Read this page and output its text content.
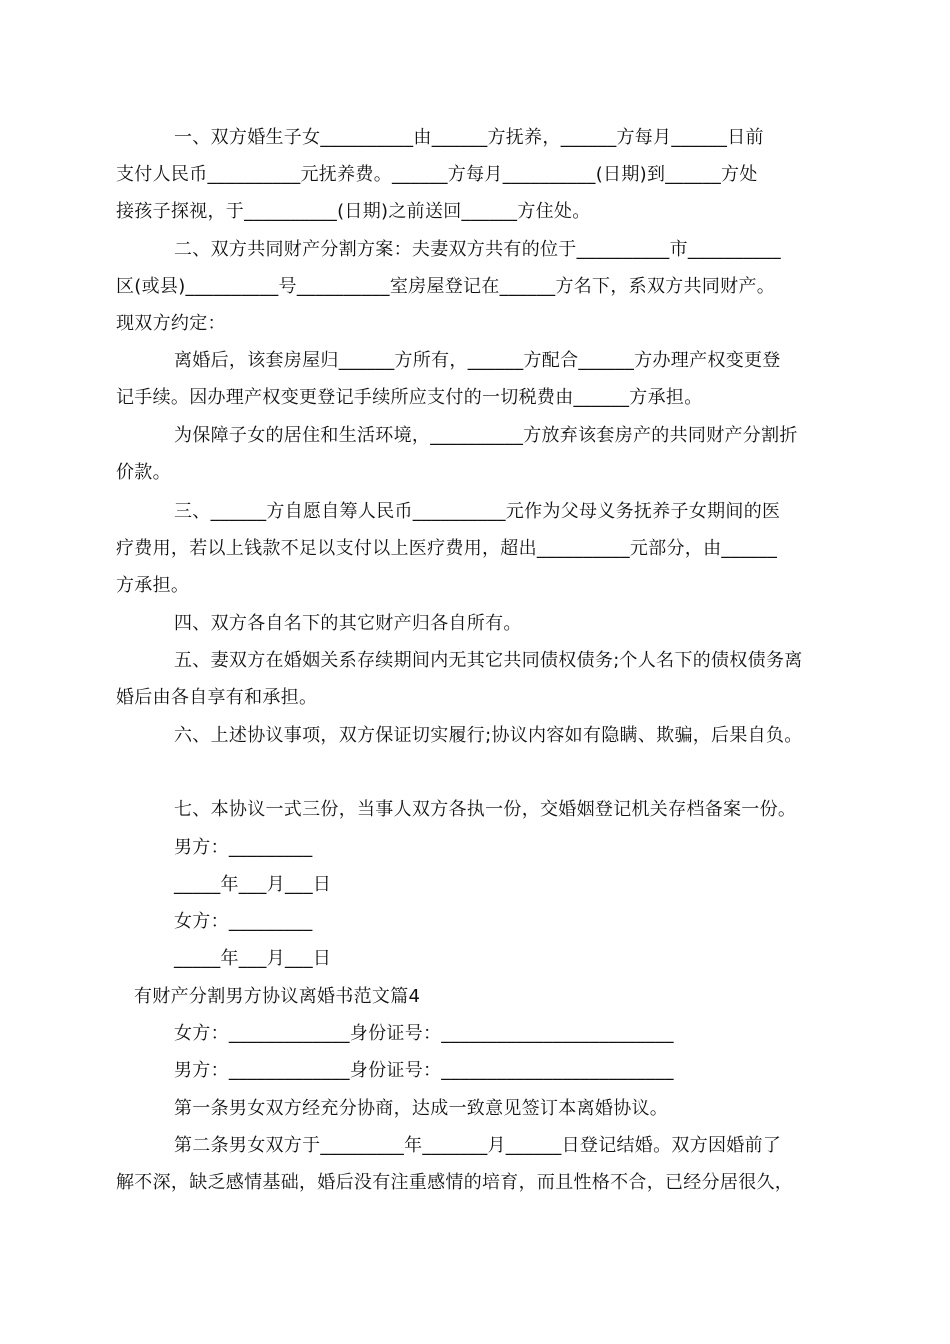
一、双方婚生子女__________由______方抚养，______方每月______日前
支付人民币__________元抚养费。______方每月__________(日期)到______方处
接孩子探视，于__________(日期)之前送回______方住处。
二、双方共同财产分割方案：夫妻双方共有的位于__________市__________
区(或县)__________号__________室房屋登记在______方名下，系双方共同财产。
现双方约定：
离婚后，该套房屋归______方所有，______方配合______方办理产权变更登
记手续。因办理产权变更登记手续所应支付的一切税费由______方承担。
为保障子女的居住和生活环境，__________方放弃该套房产的共同财产分割折
价款。
三、______方自愿自筹人民币__________元作为父母义务抚养子女期间的医
疗费用，若以上钱款不足以支付以上医疗费用，超出__________元部分，由______
方承担。
四、双方各自名下的其它财产归各自所有。
五、妻双方在婚姻关系存续期间内无其它共同债权债务;个人名下的债权债务离
婚后由各自享有和承担。
六、上述协议事项，双方保证切实履行;协议内容如有隐瞒、欺骗，后果自负。
七、本协议一式三份，当事人双方各执一份，交婚姻登记机关存档备案一份。
男方：_________
_____年___月___日
女方：_________
_____年___月___日
有财产分割男方协议离婚书范文篇4
女方：_____________身份证号：_________________________
男方：_____________身份证号：_________________________
第一条男女双方经充分协商，达成一致意见签订本离婚协议。
第二条男女双方于_________年_______月______日登记结婚。双方因婚前了
解不深，缺乏感情基础，婚后没有注重感情的培育，而且性格不合，已经分居很久，
